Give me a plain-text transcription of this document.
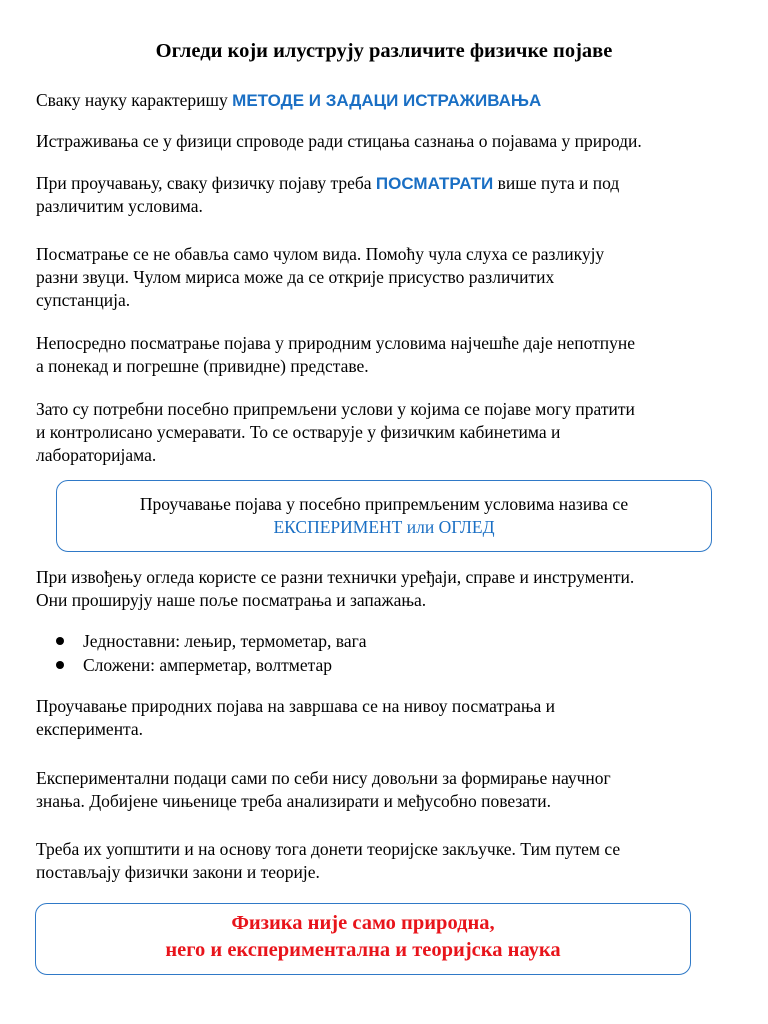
Огледи који илуструју различите физичке појаве

Сваку науку карактеришу МЕТОДЕ И ЗАДАЦИ ИСТРАЖИВАЊА

Истраживања се у физици спроводе ради стицања сазнања о појавама у природи.

При проучавању, сваку физичку појаву треба ПОСМАТРАТИ више пута и под
различитим условима.

Посматрање се не обавља само чулом вида. Помоћу чула слуха се разликују
разни звуци. Чулом мириса може да се открије присуство различитих
супстанција.

Непосредно посматрање појава у природним условима најчешће даје непотпуне
а понекад и погрешне (привидне) представе.

Зато су потребни посебно припремљени услови у којима се појаве могу пратити
и контролисано усмеравати. То се остварује у физичким кабинетима и
лабораторијама.

Проучавање појава у посебно припремљеним условима назива се
ЕКСПЕРИМЕНТ или ОГЛЕД

При извођењу огледа користе се разни технички уређаји, справе и инструменти.
Они проширују наше поље посматрања и запажања.

Једноставни: лењир, термометар, вага
Сложени: амперметар, волтметар

Проучавање природних појава на завршава се на нивоу посматрања и
експеримента.

Експериментални подаци сами по себи нису довољни за формирање научног
знања. Добијене чињенице треба анализирати и међусобно повезати.

Треба их уопштити и на основу тога донети теоријске закључке. Тим путем се
постављају физички закони и теорије.

Физика није само природна,
него и експериментална и теоријска наука
